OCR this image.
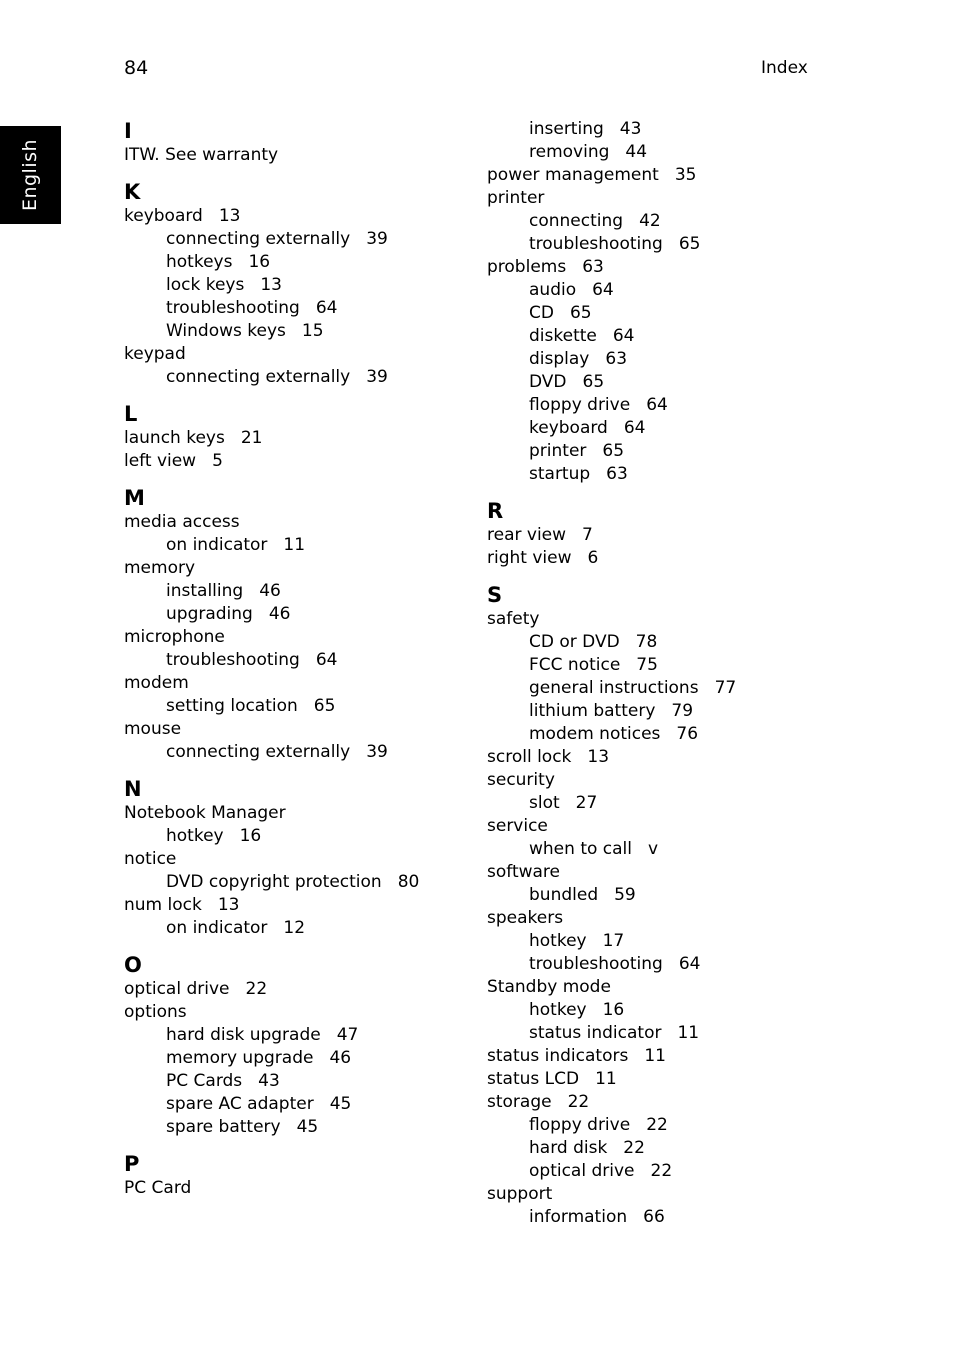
84	Index
English
I
ITW. See warranty
K
keyboard 13
connecting externally 39
hotkeys 16
lock keys 13
troubleshooting 64
Windows keys 15
keypad
connecting externally 39
L
launch keys 21
left view 5
M
media access
on indicator 11
memory
installing 46
upgrading 46
microphone
troubleshooting 64
modem
setting location 65
mouse
connecting externally 39
N
Notebook Manager
hotkey 16
notice
DVD copyright protection 80
num lock 13
on indicator 12
O
optical drive 22
options
hard disk upgrade 47
memory upgrade 46
PC Cards 43
spare AC adapter 45
spare battery 45
P
PC Card
inserting 43
removing 44
power management 35
printer
connecting 42
troubleshooting 65
problems 63
audio 64
CD 65
diskette 64
display 63
DVD 65
floppy drive 64
keyboard 64
printer 65
startup 63
R
rear view 7
right view 6
S
safety
CD or DVD 78
FCC notice 75
general instructions 77
lithium battery 79
modem notices 76
scroll lock 13
security
slot 27
service
when to call v
software
bundled 59
speakers
hotkey 17
troubleshooting 64
Standby mode
hotkey 16
status indicator 11
status indicators 11
status LCD 11
storage 22
floppy drive 22
hard disk 22
optical drive 22
support
information 66
